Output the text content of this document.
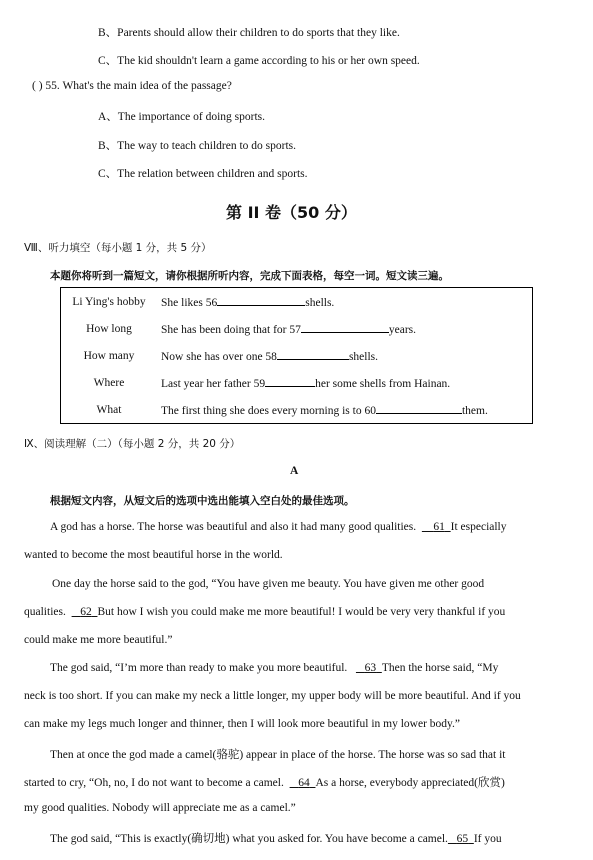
B、Parents should allow their children to do sports that they like.
C、The kid shouldn't learn a game according to his or her own speed.
( ) 55. What's the main idea of the passage?
A、The importance of doing sports.
B、The way to teach children to do sports.
C、The relation between children and sports.
第 II 卷（50 分）
Ⅷ、听力填空（每小题 1 分，共 5 分）
本题你将听到一篇短文，请你根据所听内容，完成下面表格，每空一词。短文读三遍。
Li Ying's hobby	She likes 56 shells.
How long	She has been doing that for 57 years.
How many	Now she has over one 58 shells.
Where	Last year her father 59 her some shells from Hainan.
What	The first thing she does every morning is to 60 them.
Ⅸ、阅读理解（二）（每小题 2 分，共 20 分）
A
根据短文内容，从短文后的选项中选出能填入空白处的最佳选项。
A god has a horse. The horse was beautiful and also it had many good qualities. 61 It especially
wanted to become the most beautiful horse in the world.
One day the horse said to the god, “You have given me beauty. You have given me other good
qualities. 62 But how I wish you could make me more beautiful! I would be very very thankful if you
could make me more beautiful.”
The god said, “I’m more than ready to make you more beautiful. 63 Then the horse said, “My
neck is too short. If you can make my neck a little longer, my upper body will be more beautiful. And if you
can make my legs much longer and thinner, then I will look more beautiful in my lower body.”
Then at once the god made a camel(骆驼) appear in place of the horse. The horse was so sad that it
started to cry, “Oh, no, I do not want to become a camel. 64 As a horse, everybody appreciated(欣赏)
my good qualities. Nobody will appreciate me as a camel.”
The god said, “This is exactly(确切地) what you asked for. You have become a camel. 65 If you
